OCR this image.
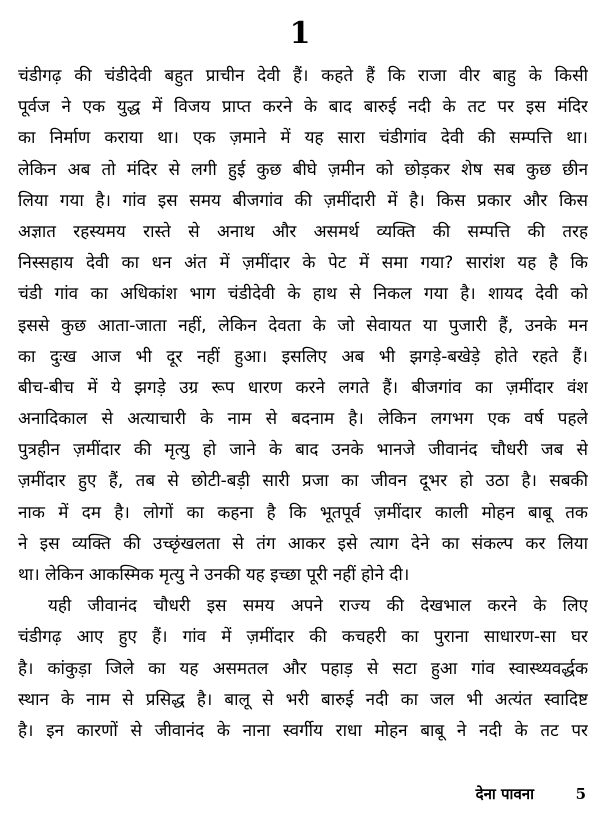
1
चंडीगढ़ की चंडीदेवी बहुत प्राचीन देवी हैं। कहते हैं कि राजा वीर बाहु के किसी
पूर्वज ने एक युद्ध में विजय प्राप्त करने के बाद बारुई नदी के तट पर इस मंदिर
का निर्माण कराया था। एक ज़माने में यह सारा चंडीगांव देवी की सम्पत्ति था।
लेकिन अब तो मंदिर से लगी हुई कुछ बीघे ज़मीन को छोड़कर शेष सब कुछ छीन
लिया गया है। गांव इस समय बीजगांव की ज़मींदारी में है। किस प्रकार और किस
अज्ञात रहस्यमय रास्ते से अनाथ और असमर्थ व्यक्ति की सम्पत्ति की तरह
निस्सहाय देवी का धन अंत में ज़मींदार के पेट में समा गया? सारांश यह है कि
चंडी गांव का अधिकांश भाग चंडीदेवी के हाथ से निकल गया है। शायद देवी को
इससे कुछ आता-जाता नहीं, लेकिन देवता के जो सेवायत या पुजारी हैं, उनके मन
का दुःख आज भी दूर नहीं हुआ। इसलिए अब भी झगड़े-बखेड़े होते रहते हैं।
बीच-बीच में ये झगड़े उग्र रूप धारण करने लगते हैं। बीजगांव का ज़मींदार वंश
अनादिकाल से अत्याचारी के नाम से बदनाम है। लेकिन लगभग एक वर्ष पहले
पुत्रहीन ज़मींदार की मृत्यु हो जाने के बाद उनके भानजे जीवानंद चौधरी जब से
ज़मींदार हुए हैं, तब से छोटी-बड़ी सारी प्रजा का जीवन दूभर हो उठा है। सबकी
नाक में दम है। लोगों का कहना है कि भूतपूर्व ज़मींदार काली मोहन बाबू तक
ने इस व्यक्ति की उच्छृंखलता से तंग आकर इसे त्याग देने का संकल्प कर लिया
था। लेकिन आकस्मिक मृत्यु ने उनकी यह इच्छा पूरी नहीं होने दी।
यही जीवानंद चौधरी इस समय अपने राज्य की देखभाल करने के लिए
चंडीगढ़ आए हुए हैं। गांव में ज़मींदार की कचहरी का पुराना साधारण-सा घर
है। कांकुड़ा जिले का यह असमतल और पहाड़ से सटा हुआ गांव स्वास्थ्यवर्द्धक
स्थान के नाम से प्रसिद्ध है। बालू से भरी बारुई नदी का जल भी अत्यंत स्वादिष्ट
है। इन कारणों से जीवानंद के नाना स्वर्गीय राधा मोहन बाबू ने नदी के तट पर
देना पावना	5
